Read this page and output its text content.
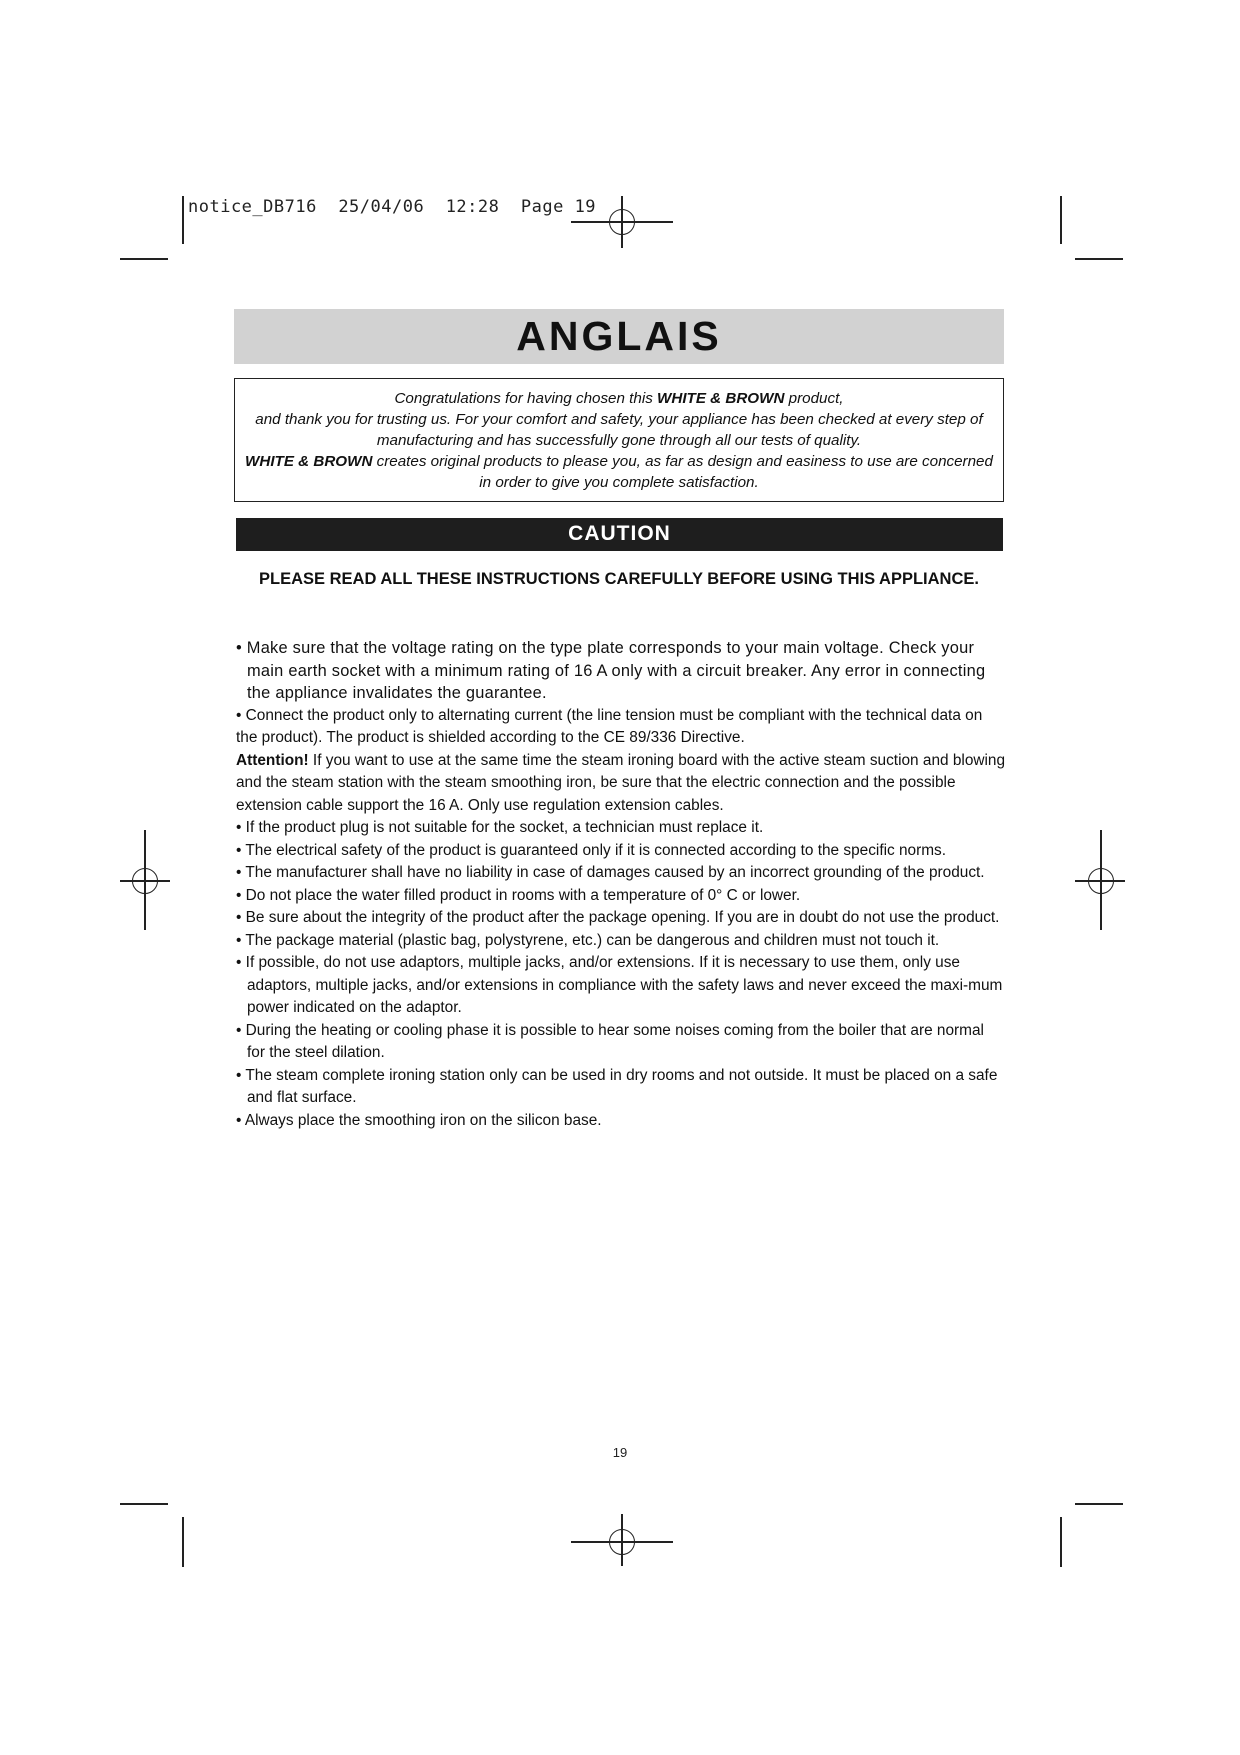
notice_DB716 25/04/06 12:28 Page 19
ANGLAIS
Congratulations for having chosen this WHITE & BROWN product,
and thank you for trusting us. For your comfort and safety, your appliance has been checked at every step of manufacturing and has successfully gone through all our tests of quality.
WHITE & BROWN creates original products to please you, as far as design and easiness to use are concerned in order to give you complete satisfaction.
CAUTION
PLEASE READ ALL THESE INSTRUCTIONS CAREFULLY BEFORE USING THIS APPLIANCE.

• Make sure that the voltage rating on the type plate corresponds to your main voltage. Check your main earth socket with a minimum rating of 16 A only with a circuit breaker. Any error in connecting the appliance invalidates the guarantee.

• Connect the product only to alternating current (the line tension must be compliant with the technical data on the product). The product is shielded according to the CE 89/336 Directive.

Attention! If you want to use at the same time the steam ironing board with the active steam suction and blowing and the steam station with the steam smoothing iron, be sure that the electric connection and the possible extension cable support the 16 A. Only use regulation extension cables.

• If the product plug is not suitable for the socket, a technician must replace it.

• The electrical safety of the product is guaranteed only if it is connected according to the specific norms.

• The manufacturer shall have no liability in case of damages caused by an incorrect grounding of the product.

• Do not place the water filled product in rooms with a temperature of 0° C or lower.

• Be sure about the integrity of the product after the package opening. If you are in doubt do not use the product.

• The package material (plastic bag, polystyrene, etc.) can be dangerous and children must not touch it.

• If possible, do not use adaptors, multiple jacks, and/or extensions. If it is necessary to use them, only use adaptors, multiple jacks, and/or extensions in compliance with the safety laws and never exceed the maxi-mum power indicated on the adaptor.

• During the heating or cooling phase it is possible to hear some noises coming from the boiler that are normal for the steel dilation.

• The steam complete ironing station only can be used in dry rooms and not outside. It must be placed on a safe and flat surface.

• Always place the smoothing iron on the silicon base.

19
